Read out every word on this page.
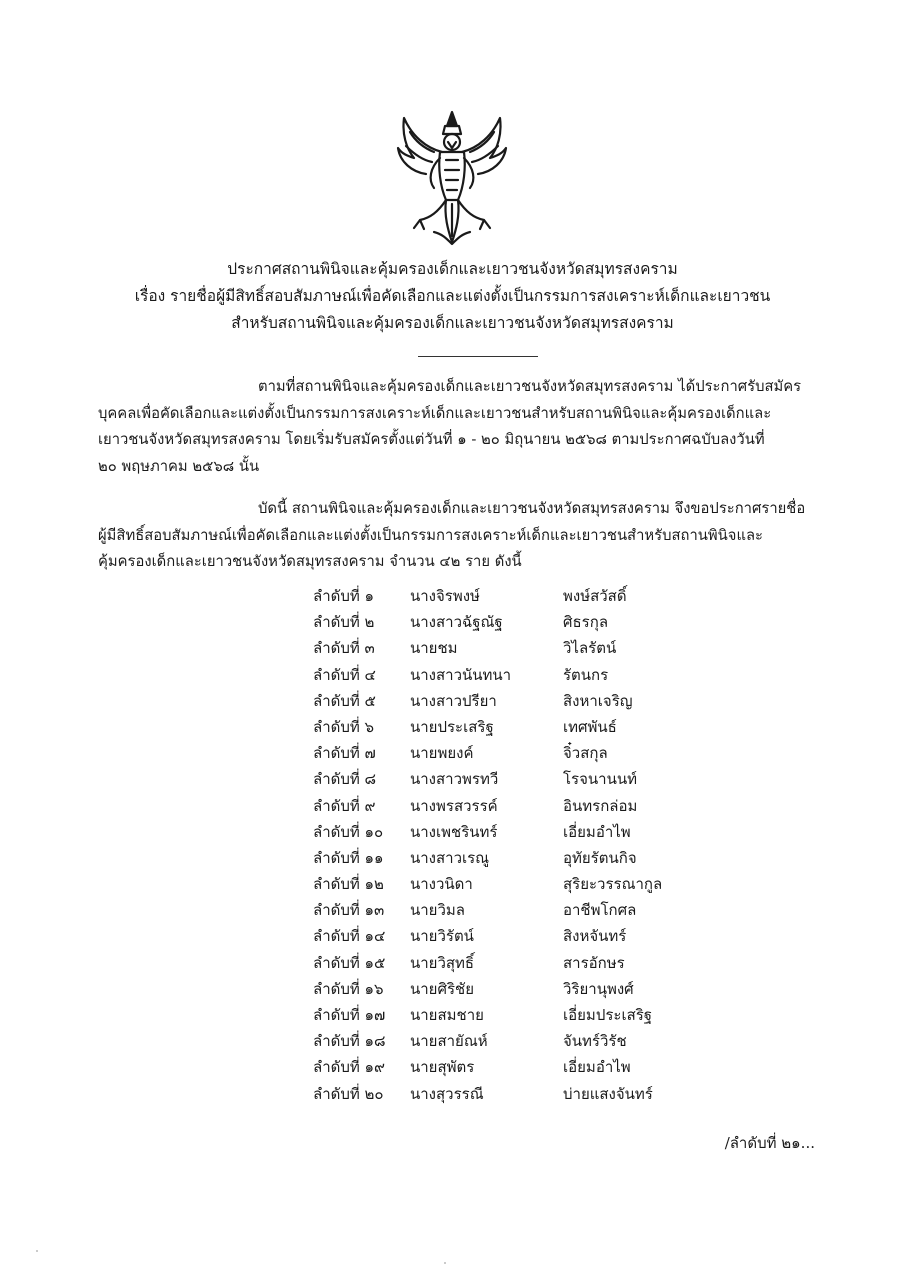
ประกาศสถานพินิจและคุ้มครองเด็กและเยาวชนจังหวัดสมุทรสงคราม
เรื่อง รายชื่อผู้มีสิทธิ์สอบสัมภาษณ์เพื่อคัดเลือกและแต่งตั้งเป็นกรรมการสงเคราะห์เด็กและเยาวชน
สำหรับสถานพินิจและคุ้มครองเด็กและเยาวชนจังหวัดสมุทรสงคราม
ตามที่สถานพินิจและคุ้มครองเด็กและเยาวชนจังหวัดสมุทรสงคราม ได้ประกาศรับสมัคร
บุคคลเพื่อคัดเลือกและแต่งตั้งเป็นกรรมการสงเคราะห์เด็กและเยาวชนสำหรับสถานพินิจและคุ้มครองเด็กและ
เยาวชนจังหวัดสมุทรสงคราม โดยเริ่มรับสมัครตั้งแต่วันที่ ๑ - ๒๐ มิถุนายน ๒๕๖๘ ตามประกาศฉบับลงวันที่
๒๐ พฤษภาคม ๒๕๖๘ นั้น
บัดนี้ สถานพินิจและคุ้มครองเด็กและเยาวชนจังหวัดสมุทรสงคราม จึงขอประกาศรายชื่อ
ผู้มีสิทธิ์สอบสัมภาษณ์เพื่อคัดเลือกและแต่งตั้งเป็นกรรมการสงเคราะห์เด็กและเยาวชนสำหรับสถานพินิจและ
คุ้มครองเด็กและเยาวชนจังหวัดสมุทรสงคราม จำนวน ๔๒ ราย ดังนี้
ลำดับที่ ๑ นางจิรพงษ์	พงษ์สวัสดิ์
ลำดับที่ ๒ นางสาวฉัฐณัฐ	ศิธรกุล
ลำดับที่ ๓ นายชม	วิไลรัตน์
ลำดับที่ ๔ นางสาวนันทนา	รัตนกร
ลำดับที่ ๕ นางสาวปรียา	สิงหาเจริญ
ลำดับที่ ๖ นายประเสริฐ	เทศพันธ์
ลำดับที่ ๗ นายพยงค์	จิ๋วสกุล
ลำดับที่ ๘ นางสาวพรทวี	โรจนานนท์
ลำดับที่ ๙ นางพรสวรรค์	อินทรกล่อม
ลำดับที่ ๑๐ นางเพชรินทร์	เอี่ยมอำไพ
ลำดับที่ ๑๑ นางสาวเรณู	อุทัยรัตนกิจ
ลำดับที่ ๑๒ นางวนิดา	สุริยะวรรณากูล
ลำดับที่ ๑๓ นายวิมล	อาชีพโกศล
ลำดับที่ ๑๔ นายวิรัตน์	สิงหจันทร์
ลำดับที่ ๑๕ นายวิสุทธิ์	สารอักษร
ลำดับที่ ๑๖ นายศิริชัย	วิริยานุพงศ์
ลำดับที่ ๑๗ นายสมชาย	เอี่ยมประเสริฐ
ลำดับที่ ๑๘ นายสายัณห์	จันทร์วิรัช
ลำดับที่ ๑๙ นายสุพัตร	เอี่ยมอำไพ
ลำดับที่ ๒๐ นางสุวรรณี	บ่ายแสงจันทร์
/ลำดับที่ ๒๑...
